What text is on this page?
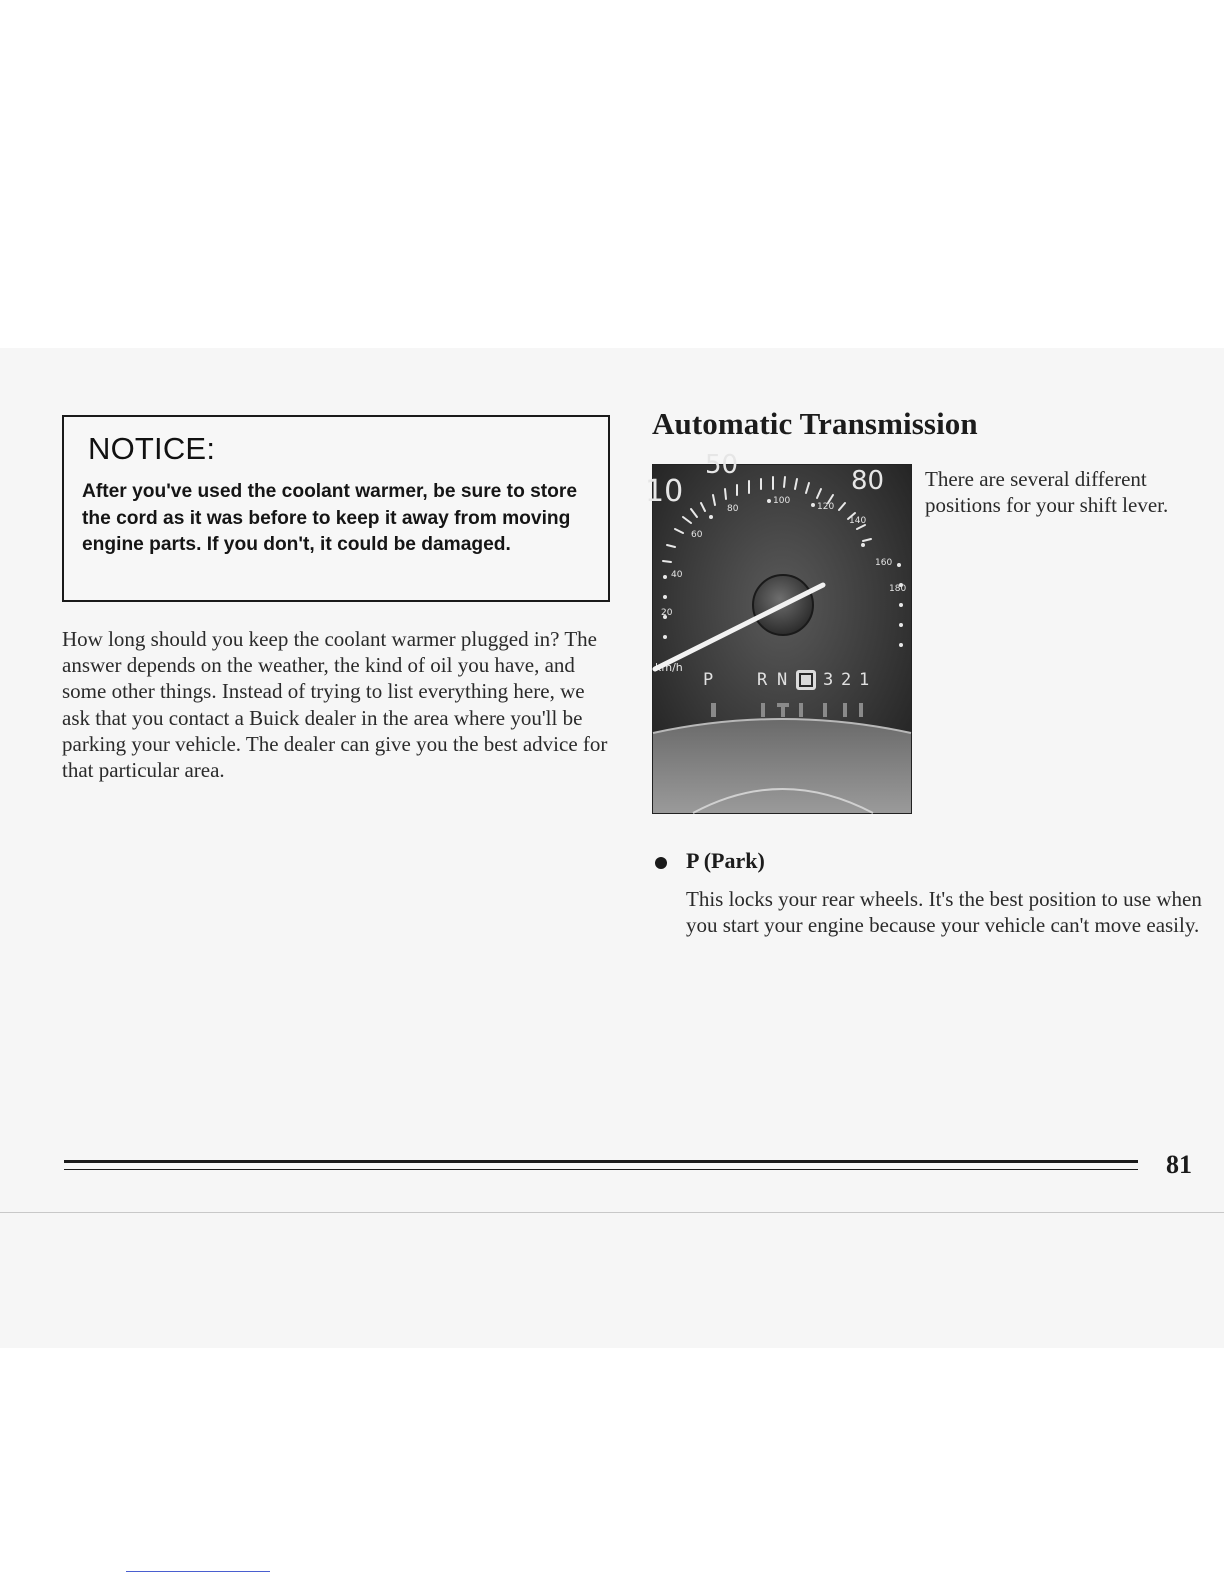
NOTICE:

After you've used the coolant warmer, be sure to store the cord as it was before to keep it away from moving engine parts. If you don't, it could be damaged.

How long should you keep the coolant warmer plugged in? The answer depends on the weather, the kind of oil you have, and some other things. Instead of trying to list everything here, we ask that you contact a Buick dealer in the area where you'll be parking your vehicle. The dealer can give you the best advice for that particular area.

Automatic Transmission
80
100
120
140
160
180
60
40
20
50
80
10
km/h
P	R N 3 2 1

There are several different positions for your shift lever.

P (Park)

This locks your rear wheels. It's the best position to use when you start your engine because your vehicle can't move easily.

81
